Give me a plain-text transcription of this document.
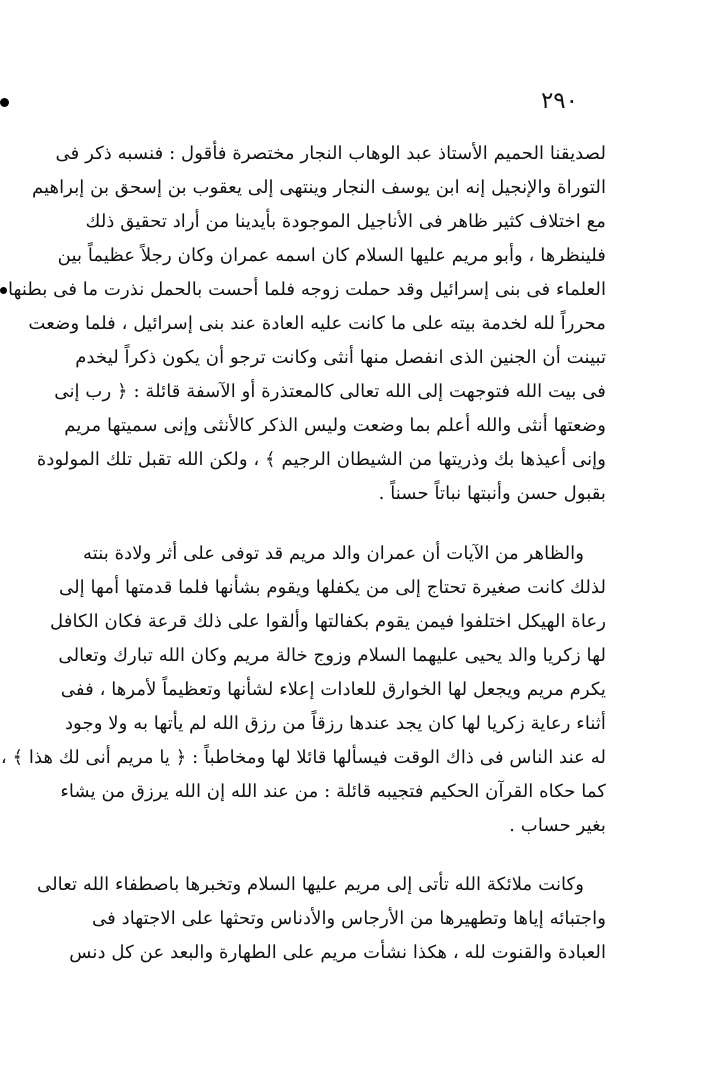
٢٩٠
لصديقنا الحميم الأستاذ عبد الوهاب النجار مختصرة فأقول : فنسبه ذكر فى
التوراة والإنجيل إنه ابن يوسف النجار وينتهى إلى يعقوب بن إسحق بن إبراهيم
مع اختلاف كثير ظاهر فى الأناجيل الموجودة بأيدينا من أراد تحقيق ذلك
فلينظرها ، وأبو مريم عليها السلام كان اسمه عمران وكان رجلاً عظيماً بين
العلماء فى بنى إسرائيل وقد حملت زوجه فلما أحست بالحمل نذرت ما فى بطنها
محرراً لله لخدمة بيته على ما كانت عليه العادة عند بنى إسرائيل ، فلما وضعت
تبينت أن الجنين الذى انفصل منها أنثى وكانت ترجو أن يكون ذكراً ليخدم
فى بيت الله فتوجهت إلى الله تعالى كالمعتذرة أو الآسفة قائلة : ﴿ رب إنى
وضعتها أنثى والله أعلم بما وضعت وليس الذكر كالأنثى وإنى سميتها مريم
وإنى أعيذها بك وذريتها من الشيطان الرجيم ﴾ ، ولكن الله تقبل تلك المولودة
بقبول حسن وأنبتها نباتاً حسناً .
والظاهر من الآيات أن عمران والد مريم قد توفى على أثر ولادة بنته
لذلك كانت صغيرة تحتاج إلى من يكفلها ويقوم بشأنها فلما قدمتها أمها إلى
رعاة الهيكل اختلفوا فيمن يقوم بكفالتها وألقوا على ذلك قرعة فكان الكافل
لها زكريا والد يحيى عليهما السلام وزوج خالة مريم وكان الله تبارك وتعالى
يكرم مريم ويجعل لها الخوارق للعادات إعلاء لشأنها وتعظيماً لأمرها ، ففى
أثناء رعاية زكريا لها كان يجد عندها رزقاً من رزق الله لم يأتها به ولا وجود
له عند الناس فى ذاك الوقت فيسألها قائلا لها ومخاطباً : ﴿ يا مريم أنى لك هذا ﴾ ،
كما حكاه القرآن الحكيم فتجيبه قائلة : من عند الله إن الله يرزق من يشاء
بغير حساب .
وكانت ملائكة الله تأتى إلى مريم عليها السلام وتخبرها باصطفاء الله تعالى
واجتبائه إياها وتطهيرها من الأرجاس والأدناس وتحثها على الاجتهاد فى
العبادة والقنوت لله ، هكذا نشأت مريم على الطهارة والبعد عن كل دنس
